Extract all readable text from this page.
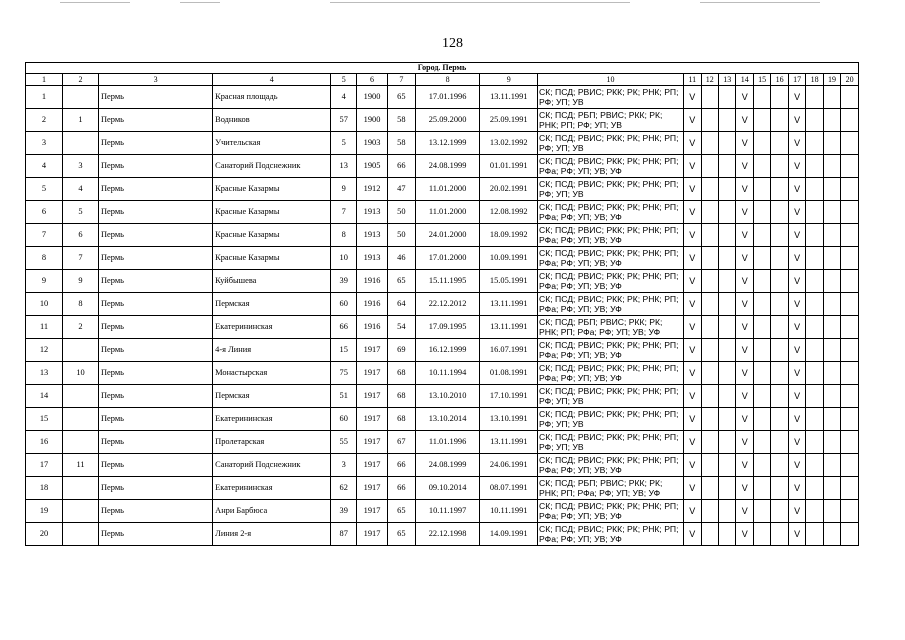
128
Город. Пермь																			
1	2	3	4	5	6	7	8	9	10	11	12	13	14	15	16	17	18	19	20
1		Пермь	Красная площадь	4	1900	65	17.01.1996	13.11.1991	СК; ПСД; РВИС; РКК; РК; РНК; РП; РФ; УП; УВ	V			V			V			
2	1	Пермь	Водников	57	1900	58	25.09.2000	25.09.1991	СК; ПСД; РБП; РВИС; РКК; РК; РНК; РП; РФ; УП; УВ	V			V			V			
3		Пермь	Учительская	5	1903	58	13.12.1999	13.02.1992	СК; ПСД; РВИС; РКК; РК; РНК; РП; РФ; УП; УВ	V			V			V			
4	3	Пермь	Санаторий Подснежник	13	1905	66	24.08.1999	01.01.1991	СК; ПСД; РВИС; РКК; РК; РНК; РП; РФа; РФ; УП; УВ; УФ	V			V			V			
5	4	Пермь	Красные Казармы	9	1912	47	11.01.2000	20.02.1991	СК; ПСД; РВИС; РКК; РК; РНК; РП; РФ; УП; УВ	V			V			V			
6	5	Пермь	Красные Казармы	7	1913	50	11.01.2000	12.08.1992	СК; ПСД; РВИС; РКК; РК; РНК; РП; РФа; РФ; УП; УВ; УФ	V			V			V			
7	6	Пермь	Красные Казармы	8	1913	50	24.01.2000	18.09.1992	СК; ПСД; РВИС; РКК; РК; РНК; РП; РФа; РФ; УП; УВ; УФ	V			V			V			
8	7	Пермь	Красные Казармы	10	1913	46	17.01.2000	10.09.1991	СК; ПСД; РВИС; РКК; РК; РНК; РП; РФа; РФ; УП; УВ; УФ	V			V			V			
9	9	Пермь	Куйбышева	39	1916	65	15.11.1995	15.05.1991	СК; ПСД; РВИС; РКК; РК; РНК; РП; РФа; РФ; УП; УВ; УФ	V			V			V			
10	8	Пермь	Пермская	60	1916	64	22.12.2012	13.11.1991	СК; ПСД; РВИС; РКК; РК; РНК; РП; РФа; РФ; УП; УВ; УФ	V			V			V			
11	2	Пермь	Екатерининская	66	1916	54	17.09.1995	13.11.1991	СК; ПСД; РБП; РВИС; РКК; РК; РНК; РП; РФа; РФ; УП; УВ; УФ	V			V			V			
12		Пермь	4-я Линия	15	1917	69	16.12.1999	16.07.1991	СК; ПСД; РВИС; РКК; РК; РНК; РП; РФа; РФ; УП; УВ; УФ	V			V			V			
13	10	Пермь	Монастырская	75	1917	68	10.11.1994	01.08.1991	СК; ПСД; РВИС; РКК; РК; РНК; РП; РФа; РФ; УП; УВ; УФ	V			V			V			
14		Пермь	Пермская	51	1917	68	13.10.2010	17.10.1991	СК; ПСД; РВИС; РКК; РК; РНК; РП; РФ; УП; УВ	V			V			V			
15		Пермь	Екатерининская	60	1917	68	13.10.2014	13.10.1991	СК; ПСД; РВИС; РКК; РК; РНК; РП; РФ; УП; УВ	V			V			V			
16		Пермь	Пролетарская	55	1917	67	11.01.1996	13.11.1991	СК; ПСД; РВИС; РКК; РК; РНК; РП; РФ; УП; УВ	V			V			V			
17	11	Пермь	Санаторий Подснежник	3	1917	66	24.08.1999	24.06.1991	СК; ПСД; РВИС; РКК; РК; РНК; РП; РФа; РФ; УП; УВ; УФ	V			V			V			
18		Пермь	Екатерининская	62	1917	66	09.10.2014	08.07.1991	СК; ПСД; РБП; РВИС; РКК; РК; РНК; РП; РФа; РФ; УП; УВ; УФ	V			V			V			
19		Пермь	Анри Барбюса	39	1917	65	10.11.1997	10.11.1991	СК; ПСД; РВИС; РКК; РК; РНК; РП; РФа; РФ; УП; УВ; УФ	V			V			V			
20		Пермь	Линия 2-я	87	1917	65	22.12.1998	14.09.1991	СК; ПСД; РВИС; РКК; РК; РНК; РП; РФа; РФ; УП; УВ; УФ	V			V			V			
